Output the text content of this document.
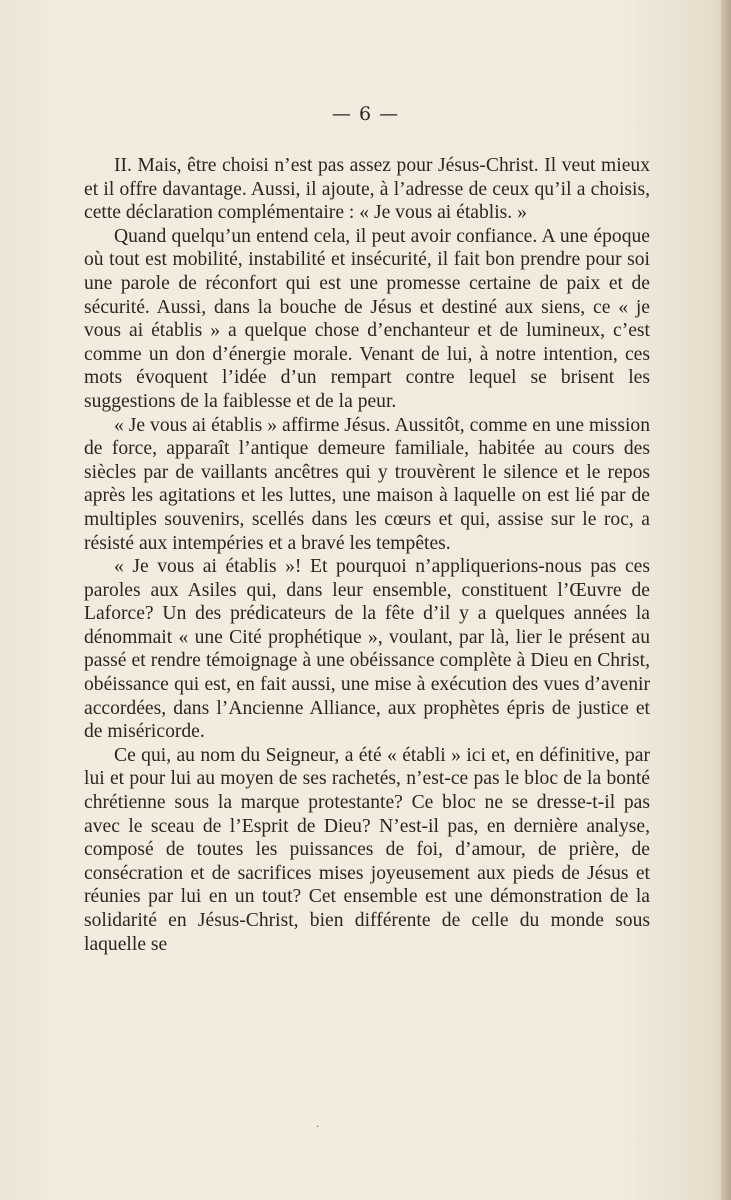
— 6 —

II. Mais, être choisi n’est pas assez pour Jésus-Christ. Il veut mieux et il offre davantage. Aussi, il ajoute, à l’adresse de ceux qu’il a choisis, cette déclaration complémentaire : « Je vous ai établis. »

Quand quelqu’un entend cela, il peut avoir confiance. A une époque où tout est mobilité, instabilité et insécurité, il fait bon prendre pour soi une parole de réconfort qui est une promesse certaine de paix et de sécurité. Aussi, dans la bouche de Jésus et destiné aux siens, ce « je vous ai établis » a quelque chose d’enchanteur et de lumineux, c’est comme un don d’énergie morale. Venant de lui, à notre intention, ces mots évoquent l’idée d’un rempart contre lequel se brisent les suggestions de la faiblesse et de la peur.

« Je vous ai établis » affirme Jésus. Aussitôt, comme en une mission de force, apparaît l’antique demeure familiale, habitée au cours des siècles par de vaillants ancêtres qui y trouvèrent le silence et le repos après les agitations et les luttes, une maison à laquelle on est lié par de multiples souvenirs, scellés dans les cœurs et qui, assise sur le roc, a résisté aux intempéries et a bravé les tempêtes.

« Je vous ai établis »! Et pourquoi n’appliquerions-nous pas ces paroles aux Asiles qui, dans leur ensemble, constituent l’Œuvre de Laforce? Un des prédicateurs de la fête d’il y a quelques années la dénommait « une Cité prophétique », voulant, par là, lier le présent au passé et rendre témoignage à une obéissance complète à Dieu en Christ, obéissance qui est, en fait aussi, une mise à exécution des vues d’avenir accordées, dans l’Ancienne Alliance, aux prophètes épris de justice et de miséricorde.

Ce qui, au nom du Seigneur, a été « établi » ici et, en définitive, par lui et pour lui au moyen de ses rachetés, n’est-ce pas le bloc de la bonté chrétienne sous la marque protestante? Ce bloc ne se dresse-t-il pas avec le sceau de l’Esprit de Dieu? N’est-il pas, en dernière analyse, composé de toutes les puissances de foi, d’amour, de prière, de consécration et de sacrifices mises joyeusement aux pieds de Jésus et réunies par lui en un tout? Cet ensemble est une démonstration de la solidarité en Jésus-Christ, bien différente de celle du monde sous laquelle se

·
